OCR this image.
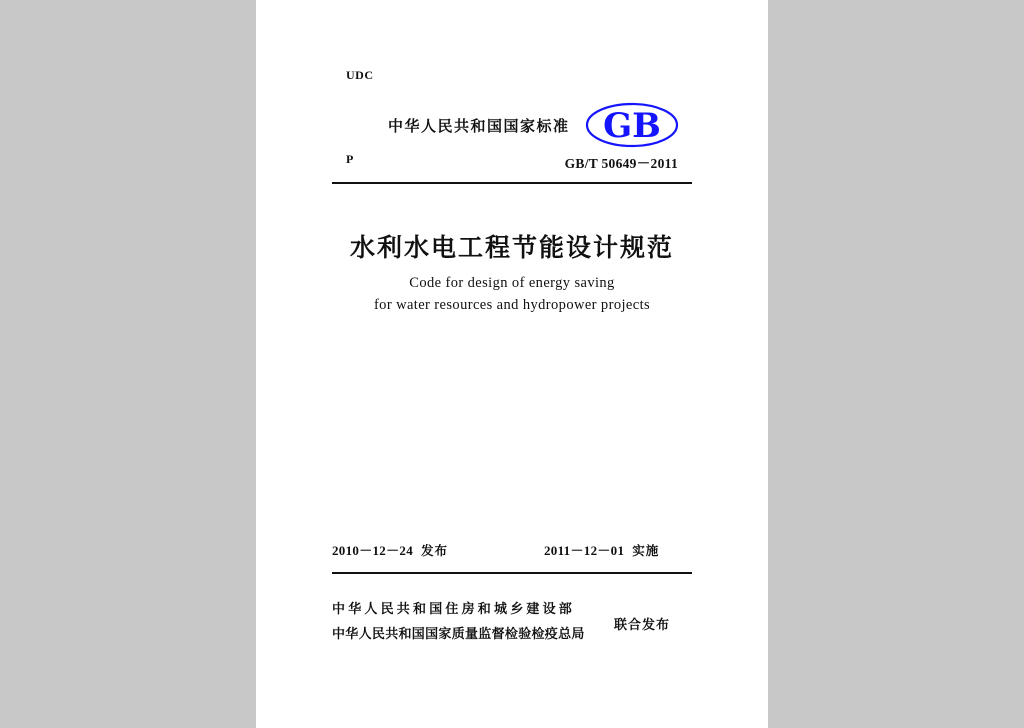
UDC
中华人民共和国国家标准 GB
P	GB/T 50649－2011
水利水电工程节能设计规范
Code for design of energy saving
for water resources and hydropower projects
2010－12－24 发布	2011－12－01 实施
中华人民共和国住房和城乡建设部
中华人民共和国国家质量监督检验检疫总局
联合发布
